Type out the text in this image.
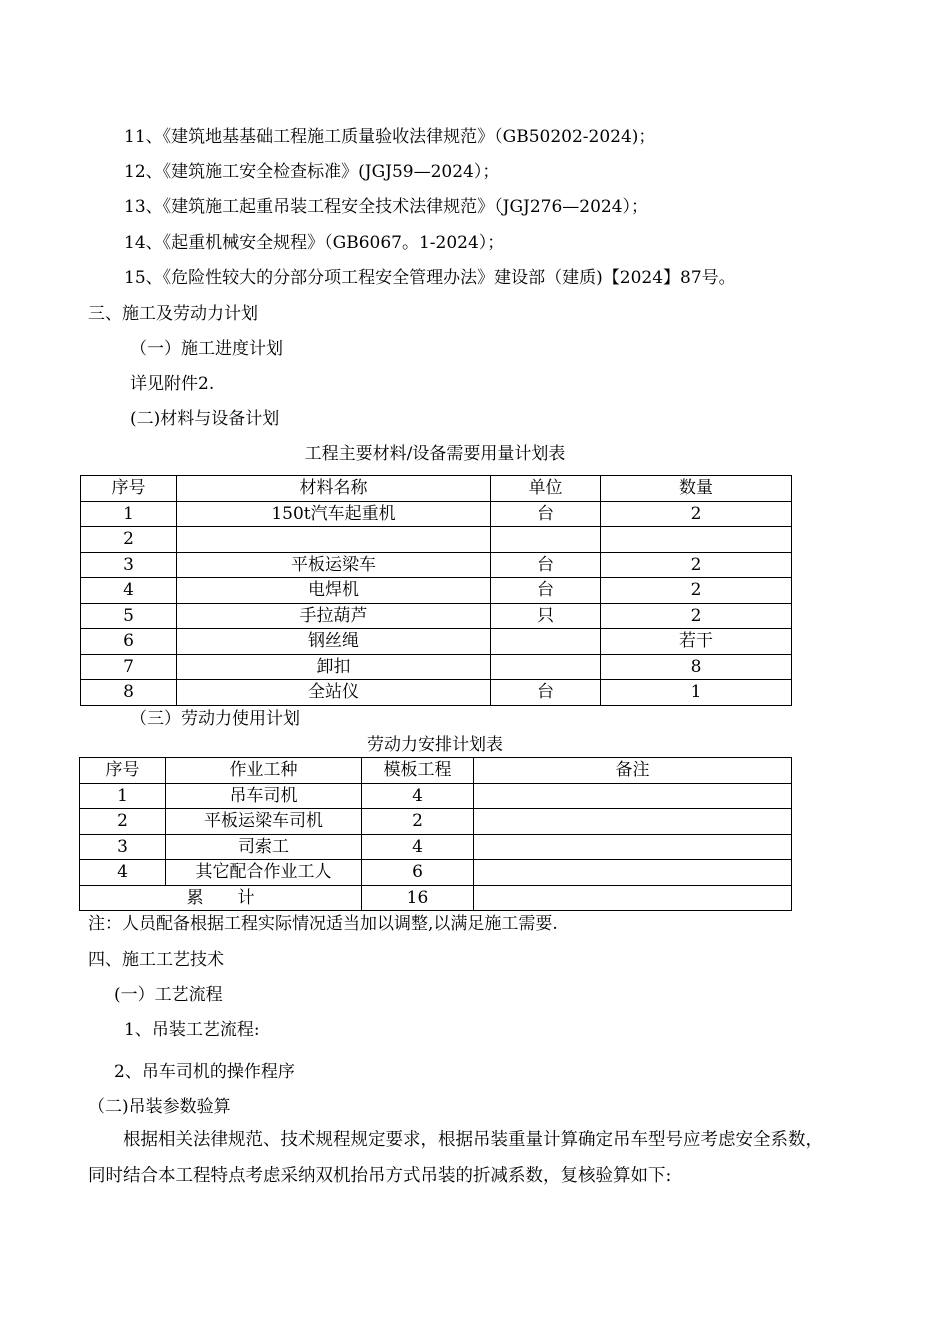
11、《建筑地基基础工程施工质量验收法律规范》（GB50202-2024)；
12、《建筑施工安全检查标准》(JGJ59—2024）；
13、《建筑施工起重吊装工程安全技术法律规范》（JGJ276—2024）；
14、《起重机械安全规程》（GB6067。1-2024）；
15、《危险性较大的分部分项工程安全管理办法》建设部（建质)【2024】87号。
三、施工及劳动力计划
（一）施工进度计划
详见附件2.
(二)材料与设备计划
工程主要材料/设备需要用量计划表
序号	材料名称	单位	数量
1	150t汽车起重机	台	2
2			
3	平板运梁车	台	2
4	电焊机	台	2
5	手拉葫芦	只	2
6	钢丝绳		若干
7	卸扣		8
8	全站仪	台	1
（三）劳动力使用计划
劳动力安排计划表
序号	作业工种	模板工程	备注
1	吊车司机	4	
2	平板运梁车司机	2	
3	司索工	4	
4	其它配合作业工人	6	
累　　计		16	
注：人员配备根据工程实际情况适当加以调整,以满足施工需要.
四、施工工艺技术
(一）工艺流程
1、吊装工艺流程:
2、吊车司机的操作程序
（二)吊装参数验算
根据相关法律规范、技术规程规定要求，根据吊装重量计算确定吊车型号应考虑安全系数，同时结合本工程特点考虑采纳双机抬吊方式吊装的折减系数，复核验算如下:
